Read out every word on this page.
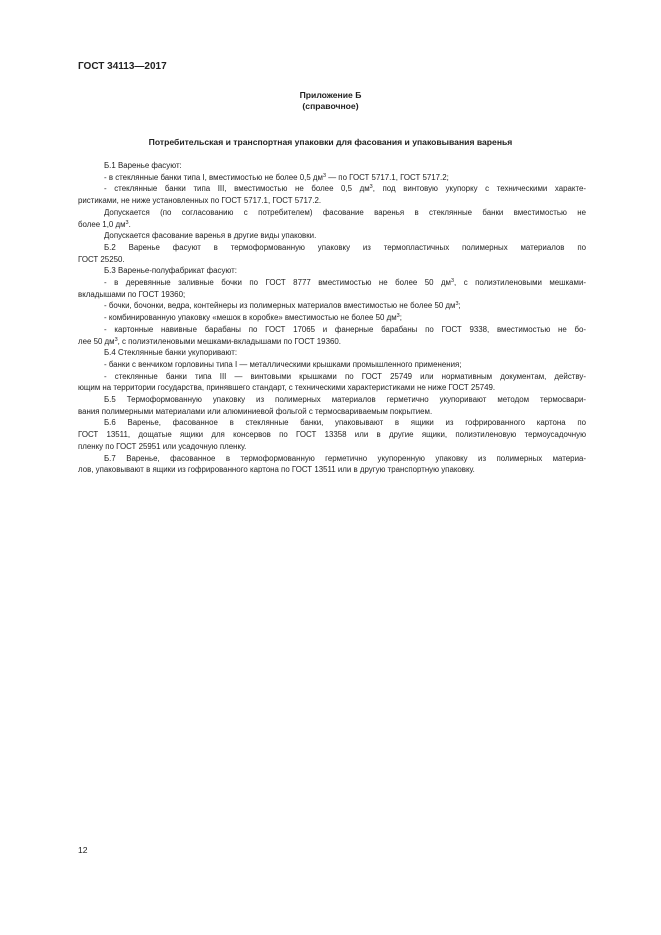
ГОСТ 34113—2017
Приложение Б
(справочное)
Потребительская и транспортная упаковки для фасования и упаковывания варенья

Б.1 Варенье фасуют:

- в стеклянные банки типа I, вместимостью не более 0,5 $дм^3$ — по ГОСТ 5717.1, ГОСТ 5717.2;

- стеклянные банки типа III, вместимостью не более 0,5 $дм^3$, под винтовую укупорку с техническими характе-

ристиками, не ниже установленных по ГОСТ 5717.1, ГОСТ 5717.2.

Допускается (по согласованию с потребителем) фасование варенья в стеклянные банки вместимостью не

более 1,0 $дм^3$.

Допускается фасование варенья в другие виды упаковки.

Б.2 Варенье фасуют в термоформованную упаковку из термопластичных полимерных материалов по

ГОСТ 25250.

Б.3 Варенье-полуфабрикат фасуют:

- в деревянные заливные бочки по ГОСТ 8777 вместимостью не более 50 $дм^3$, с полиэтиленовыми мешками-

вкладышами по ГОСТ 19360;

- бочки, бочонки, ведра, контейнеры из полимерных материалов вместимостью не более 50 $дм^3$;

- комбинированную упаковку «мешок в коробке» вместимостью не более 50 $дм^3$;

- картонные навивные барабаны по ГОСТ 17065 и фанерные барабаны по ГОСТ 9338, вместимостью не бо-

лее 50 $дм^3$, с полиэтиленовыми мешками-вкладышами по ГОСТ 19360.

Б.4 Стеклянные банки укупоривают:

- банки с венчиком горловины типа I — металлическими крышками промышленного применения;

- стеклянные банки типа III — винтовыми крышками по ГОСТ 25749 или нормативным документам, действу-

ющим на территории государства, принявшего стандарт, с техническими характеристиками не ниже ГОСТ 25749.

Б.5 Термоформованную упаковку из полимерных материалов герметично укупоривают методом термосвари-

вания полимерными материалами или алюминиевой фольгой с термосвариваемым покрытием.

Б.6 Варенье, фасованное в стеклянные банки, упаковывают в ящики из гофрированного картона по

ГОСТ 13511, дощатые ящики для консервов по ГОСТ 13358 или в другие ящики, полиэтиленовую термоусадочную

пленку по ГОСТ 25951 или усадочную пленку.

Б.7 Варенье, фасованное в термоформованную герметично укупоренную упаковку из полимерных материа-

лов, упаковывают в ящики из гофрированного картона по ГОСТ 13511 или в другую транспортную упаковку.

12
